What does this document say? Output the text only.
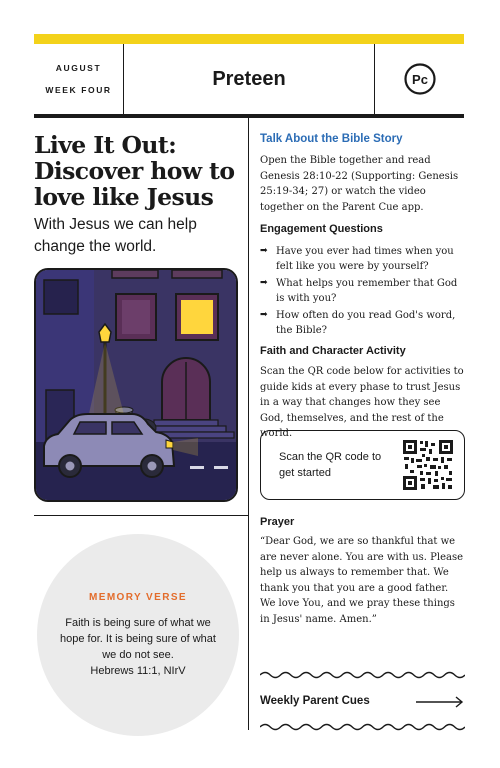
AUGUST
WEEK FOUR
Preteen	Pc
Live It Out: Discover how to love like Jesus

With Jesus we can help change the world.

MEMORY VERSE
Faith is being sure of what we hope for. It is being sure of what we do not see.
Hebrews 11:1, NIrV
Talk About the Bible Story

Open the Bible together and read Genesis 28:10-22 (Supporting: Genesis 25:19-34; 27) or watch the video together on the Parent Cue app.

Engagement Questions
➡ Have you ever had times when you felt like you were by yourself?
➡ What helps you remember that God is with you?
➡ How often do you read God's word, the Bible?
Faith and Character Activity

Scan the QR code below for activities to guide kids at every phase to trust Jesus in a way that changes how they see God, themselves, and the rest of the world.

Scan the QR code to get started
Prayer

“Dear God, we are so thankful that we are never alone. You are with us. Please help us always to remember that. We thank you that you are a good father. We love You, and we pray these things in Jesus' name. Amen.”

Weekly Parent Cues
